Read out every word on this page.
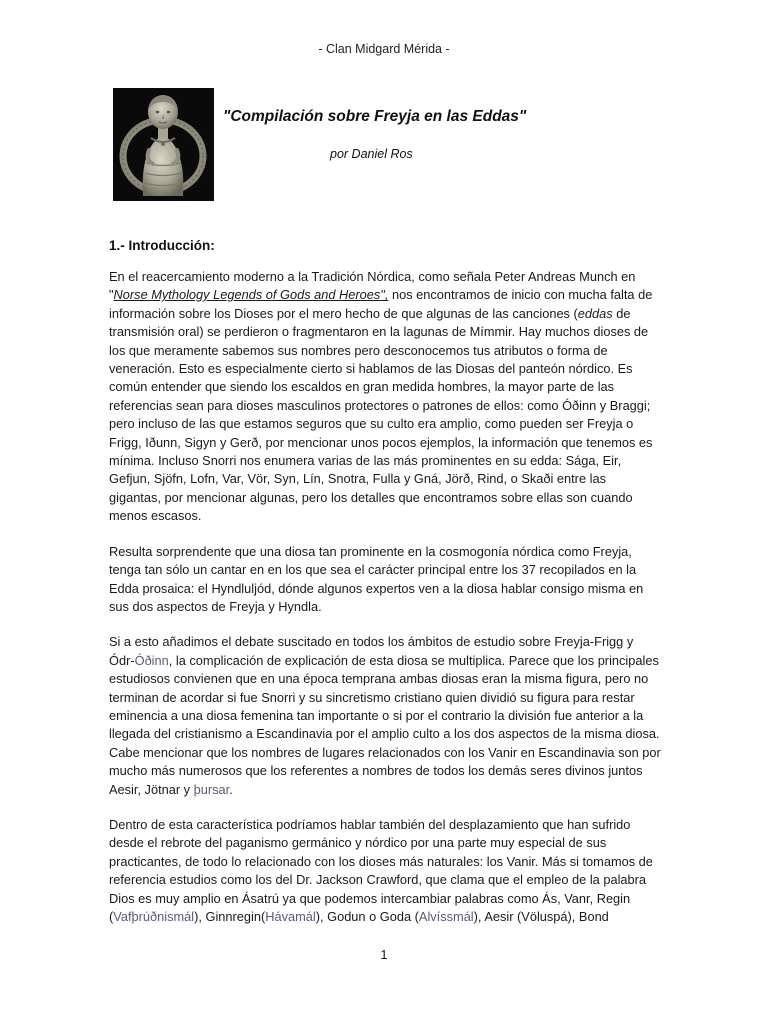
- Clan Midgard Mérida -
"Compilación sobre Freyja en las Eddas"
por Daniel Ros
1.- Introducción:

En el reacercamiento moderno a la Tradición Nórdica, como señala Peter Andreas Munch en "Norse Mythology Legends of Gods and Heroes", nos encontramos de inicio con mucha falta de información sobre los Dioses por el mero hecho de que algunas de las canciones (eddas de transmisión oral) se perdieron o fragmentaron en la lagunas de Mímmir. Hay muchos dioses de los que meramente sabemos sus nombres pero desconocemos tus atributos o forma de veneración. Esto es especialmente cierto si hablamos de las Diosas del panteón nórdico. Es común entender que siendo los escaldos en gran medida hombres, la mayor parte de las referencias sean para dioses masculinos protectores o patrones de ellos: como Óðinn y Braggi; pero incluso de las que estamos seguros que su culto era amplio, como pueden ser Freyja o Frigg, Iðunn, Sigyn y Gerð, por mencionar unos pocos ejemplos, la información que tenemos es mínima. Incluso Snorri nos enumera varias de las más prominentes en su edda: Sága, Eir, Gefjun, Sjöfn, Lofn, Var, Vör, Syn, Lín, Snotra, Fulla y Gná, Jörð, Rind, o Skaði entre las gigantas, por mencionar algunas, pero los detalles que encontramos sobre ellas son cuando menos escasos.

Resulta sorprendente que una diosa tan prominente en la cosmogonía nórdica como Freyja, tenga tan sólo un cantar en en los que sea el carácter principal entre los 37 recopilados en la Edda prosaica: el Hyndluljód, dónde algunos expertos ven a la diosa hablar consigo misma en sus dos aspectos de Freyja y Hyndla.

Si a esto añadimos el debate suscitado en todos los ámbitos de estudio sobre Freyja-Frigg y Ódr-Óðinn, la complicación de explicación de esta diosa se multiplica. Parece que los principales estudiosos convienen que en una época temprana ambas diosas eran la misma figura, pero no terminan de acordar si fue Snorri y su sincretismo cristiano quien dividió su figura para restar eminencia a una diosa femenina tan importante o si por el contrario la división fue anterior a la llegada del cristianismo a Escandinavia por el amplio culto a los dos aspectos de la misma diosa. Cabe mencionar que los nombres de lugares relacionados con los Vanir en Escandinavia son por mucho más numerosos que los referentes a nombres de todos los demás seres divinos juntos Aesir, Jötnar y þursar.

Dentro de esta característica podríamos hablar también del desplazamiento que han sufrido desde el rebrote del paganismo germánico y nórdico por una parte muy especial de sus practicantes, de todo lo relacionado con los dioses más naturales: los Vanir. Más si tomamos de referencia estudios como los del Dr. Jackson Crawford, que clama que el empleo de la palabra Dios es muy amplio en Ásatrú ya que podemos intercambiar palabras como Ás, Vanr, Regin (Vafþrúðnismál), Ginnregin(Hávamál), Godun o Goda (Alvíssmál), Aesir (Völuspá), Bond

1
